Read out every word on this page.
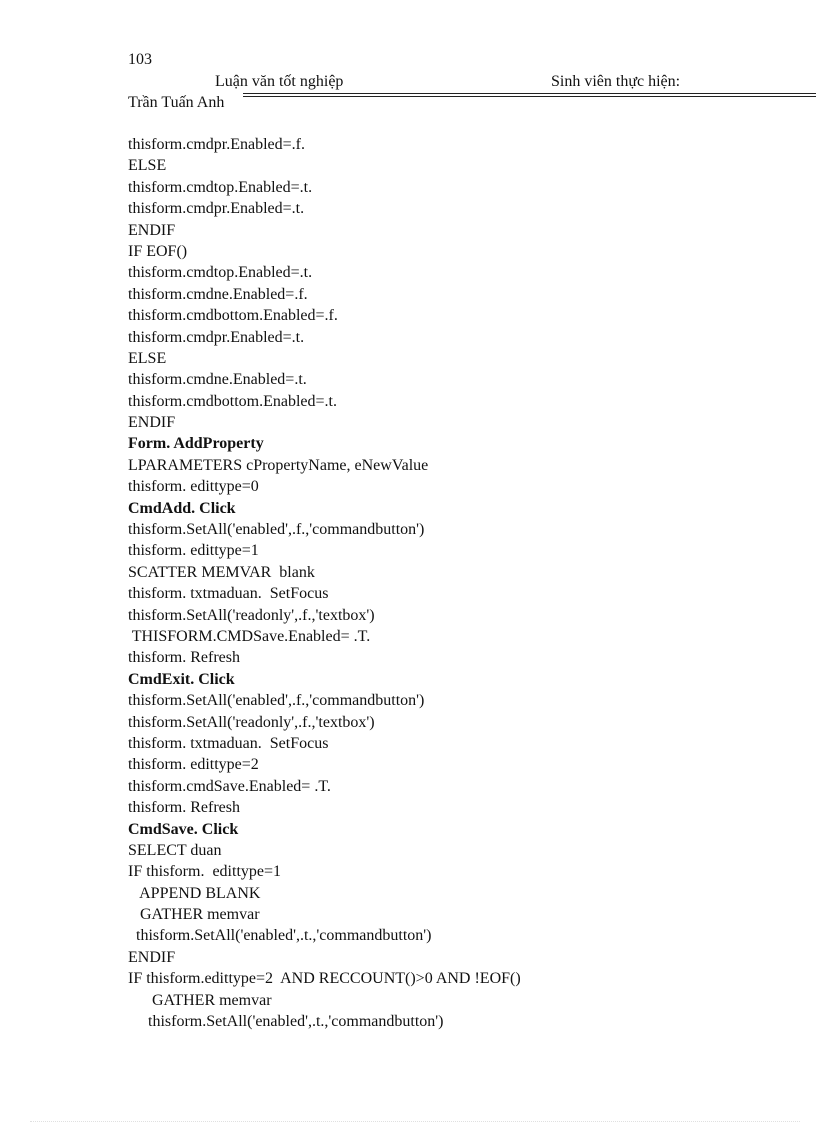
103
Luận văn tốt nghiệp	Sinh viên thực hiện:
Trần Tuấn Anh
thisform.cmdpr.Enabled=.f.
ELSE
thisform.cmdtop.Enabled=.t.
thisform.cmdpr.Enabled=.t.
ENDIF
IF EOF()
thisform.cmdtop.Enabled=.t.
thisform.cmdne.Enabled=.f.
thisform.cmdbottom.Enabled=.f.
thisform.cmdpr.Enabled=.t.
ELSE
thisform.cmdne.Enabled=.t.
thisform.cmdbottom.Enabled=.t.
ENDIF
Form. AddProperty
LPARAMETERS cPropertyName, eNewValue
thisform. edittype=0
CmdAdd. Click
thisform.SetAll('enabled',.f.,'commandbutton')
thisform. edittype=1
SCATTER MEMVAR  blank
thisform. txtmaduan.  SetFocus
thisform.SetAll('readonly',.f.,'textbox')
THISFORM.CMDSave.Enabled= .T.
thisform. Refresh
CmdExit. Click
thisform.SetAll('enabled',.f.,'commandbutton')
thisform.SetAll('readonly',.f.,'textbox')
thisform. txtmaduan.  SetFocus
thisform. edittype=2
thisform.cmdSave.Enabled= .T.
thisform. Refresh
CmdSave. Click
SELECT duan
IF thisform.  edittype=1
APPEND BLANK
GATHER memvar
thisform.SetAll('enabled',.t.,'commandbutton')
ENDIF
IF thisform.edittype=2  AND RECCOUNT()>0 AND !EOF()
GATHER memvar
thisform.SetAll('enabled',.t.,'commandbutton')
